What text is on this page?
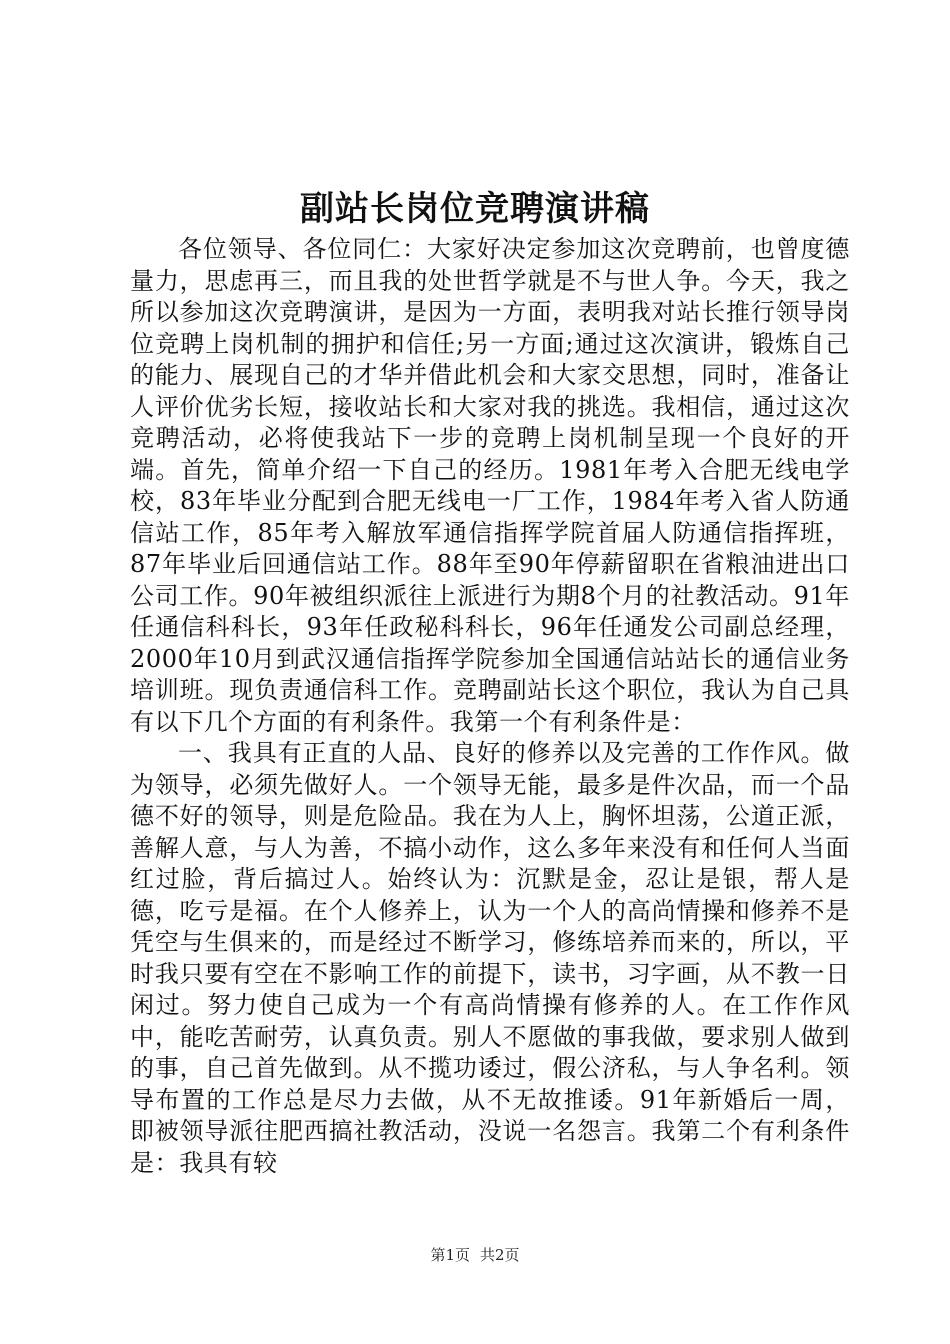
副站长岗位竞聘演讲稿

各位领导、各位同仁：大家好决定参加这次竞聘前，也曾度德量力，思虑再三，而且我的处世哲学就是不与世人争。今天，我之所以参加这次竞聘演讲，是因为一方面，表明我对站长推行领导岗位竞聘上岗机制的拥护和信任;另一方面;通过这次演讲，锻炼自己的能力、展现自己的才华并借此机会和大家交思想，同时，准备让人评价优劣长短，接收站长和大家对我的挑选。我相信，通过这次竞聘活动，必将使我站下一步的竞聘上岗机制呈现一个良好的开端。首先，简单介绍一下自己的经历。1981年考入合肥无线电学校，83年毕业分配到合肥无线电一厂工作，1984年考入省人防通信站工作，85年考入解放军通信指挥学院首届人防通信指挥班，87年毕业后回通信站工作。88年至90年停薪留职在省粮油进出口公司工作。90年被组织派往上派进行为期8个月的社教活动。91年任通信科科长，93年任政秘科科长，96年任通发公司副总经理，2000年10月到武汉通信指挥学院参加全国通信站站长的通信业务培训班。现负责通信科工作。竞聘副站长这个职位，我认为自己具有以下几个方面的有利条件。我第一个有利条件是：

一、我具有正直的人品、良好的修养以及完善的工作作风。做为领导，必须先做好人。一个领导无能，最多是件次品，而一个品德不好的领导，则是危险品。我在为人上，胸怀坦荡，公道正派，善解人意，与人为善，不搞小动作，这么多年来没有和任何人当面红过脸，背后搞过人。始终认为：沉默是金，忍让是银，帮人是德，吃亏是福。在个人修养上，认为一个人的高尚情操和修养不是凭空与生俱来的，而是经过不断学习，修练培养而来的，所以，平时我只要有空在不影响工作的前提下，读书，习字画，从不教一日闲过。努力使自己成为一个有高尚情操有修养的人。在工作作风中，能吃苦耐劳，认真负责。别人不愿做的事我做，要求别人做到的事，自己首先做到。从不揽功诿过，假公济私，与人争名利。领导布置的工作总是尽力去做，从不无故推诿。91年新婚后一周，即被领导派往肥西搞社教活动，没说一名怨言。我第二个有利条件是：我具有较

第1页 共2页
